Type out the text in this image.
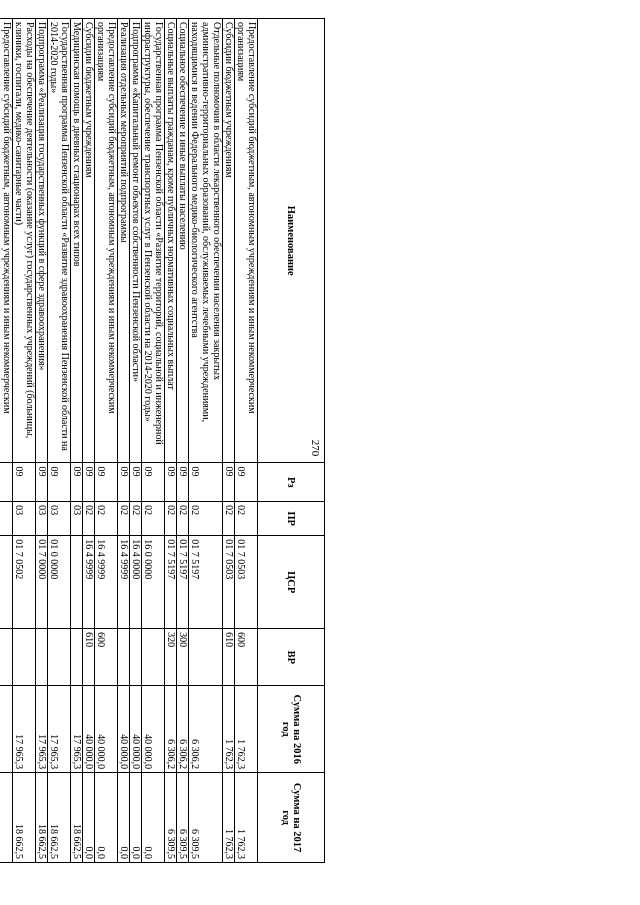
270
Наименование	Рз	ПР	ЦСР	ВР	Сумма на 2016 год	Сумма на 2017 год
Предоставление субсидий бюджетным, автономным учреждениям и иным некоммерческим организациям	09	02	01 7 0503	600	1 762,3	1 762,3
Субсидии бюджетным учреждениям	09	02	01 7 0503	610	1 762,3	1 762,3
Отдельные полномочия в области лекарственного обеспечения населения закрытых административно-территориальных образований, обслуживаемых лечебными учреждениями, находящимися в ведении Федерального медико-биологического агентства	09	02	01 7 5197		6 306,2	6 309,5
Социальное обеспечение и иные выплаты населению	09	02	01 7 5197	300	6 306,2	6 309,5
Социальные выплаты гражданам, кроме публичных нормативных социальных выплат	09	02	01 7 5197	320	6 306,2	6 309,5
Государственная программа Пензенской области «Развитие территорий, социальной и инженерной инфраструктуры, обеспечение транспортных услуг в Пензенской области на 2014-2020 годы»	09	02	16 0 0000		40 000,0	0,0
Подпрограмма «Капитальный ремонт объектов собственности Пензенской области»	09	02	16 4 0000		40 000,0	0,0
Реализация отдельных мероприятий подпрограммы	09	02	16 4 9999		40 000,0	0,0
Предоставление субсидий бюджетным, автономным учреждениям и иным некоммерческим организациям	09	02	16 4 9999	600	40 000,0	0,0
Субсидии бюджетным учреждениям	09	02	16 4 9999	610	40 000,0	0,0
Медицинская помощь в дневных стационарах всех типов	09	03			17 965,3	18 662,5
Государственная программа Пензенской области «Развитие здравоохранения Пензенской области на 2014-2020 годы»	09	03	01 0 0000		17 965,3	18 662,5
Подпрограмма «Реализация государственных функций в сфере здравоохранения»	09	03	01 7 0000		17 965,3	18 662,5
Расходы на обеспечение деятельности (оказание услуг) государственных учреждений (больницы, клиники, госпитали, медико-санитарные части)	09	03	01 7 0502		17 965,3	18 662,5
Предоставление субсидий бюджетным, автономным учреждениям и иным некоммерческим						
